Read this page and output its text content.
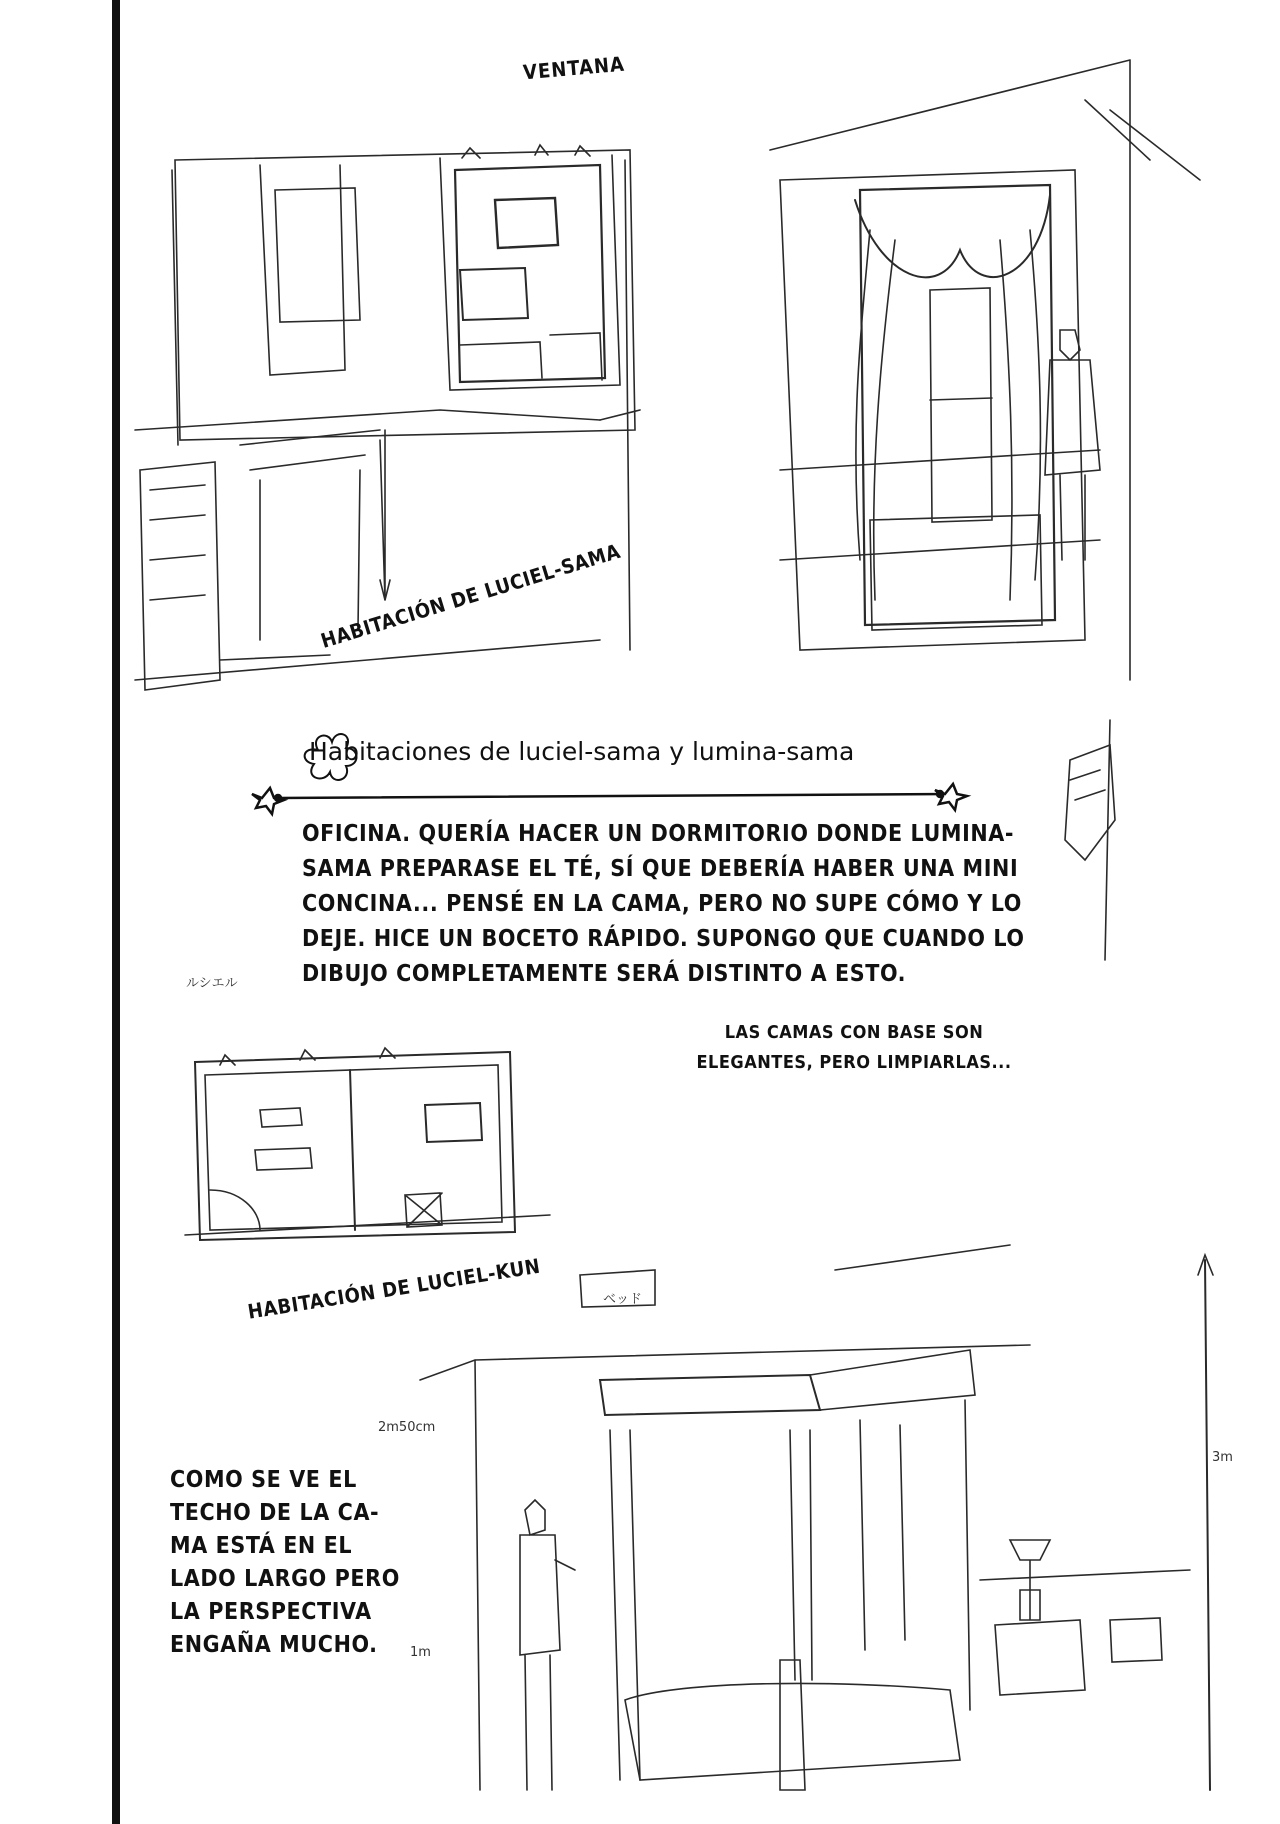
ルシエル
ベッド
2m50cm
1m
3m
VENTANA
HABITACIÓN DE LUCIEL-SAMA
HABITACIÓN DE LUCIEL-KUN
Habitaciones de luciel-sama y lumina-sama
OFICINA. QUERÍA HACER UN DORMITORIO DONDE LUMINA-
SAMA PREPARASE EL TÉ, SÍ QUE DEBERÍA HABER UNA MINI
CONCINA... PENSÉ EN LA CAMA, PERO NO SUPE CÓMO Y LO
DEJE. HICE UN BOCETO RÁPIDO. SUPONGO QUE CUANDO LO
DIBUJO COMPLETAMENTE SERÁ DISTINTO A ESTO.
LAS CAMAS CON BASE SON
ELEGANTES, PERO LIMPIARLAS...
COMO SE VE EL
TECHO DE LA CA-
MA ESTÁ EN EL
LADO LARGO PERO
LA PERSPECTIVA
ENGAÑA MUCHO.
